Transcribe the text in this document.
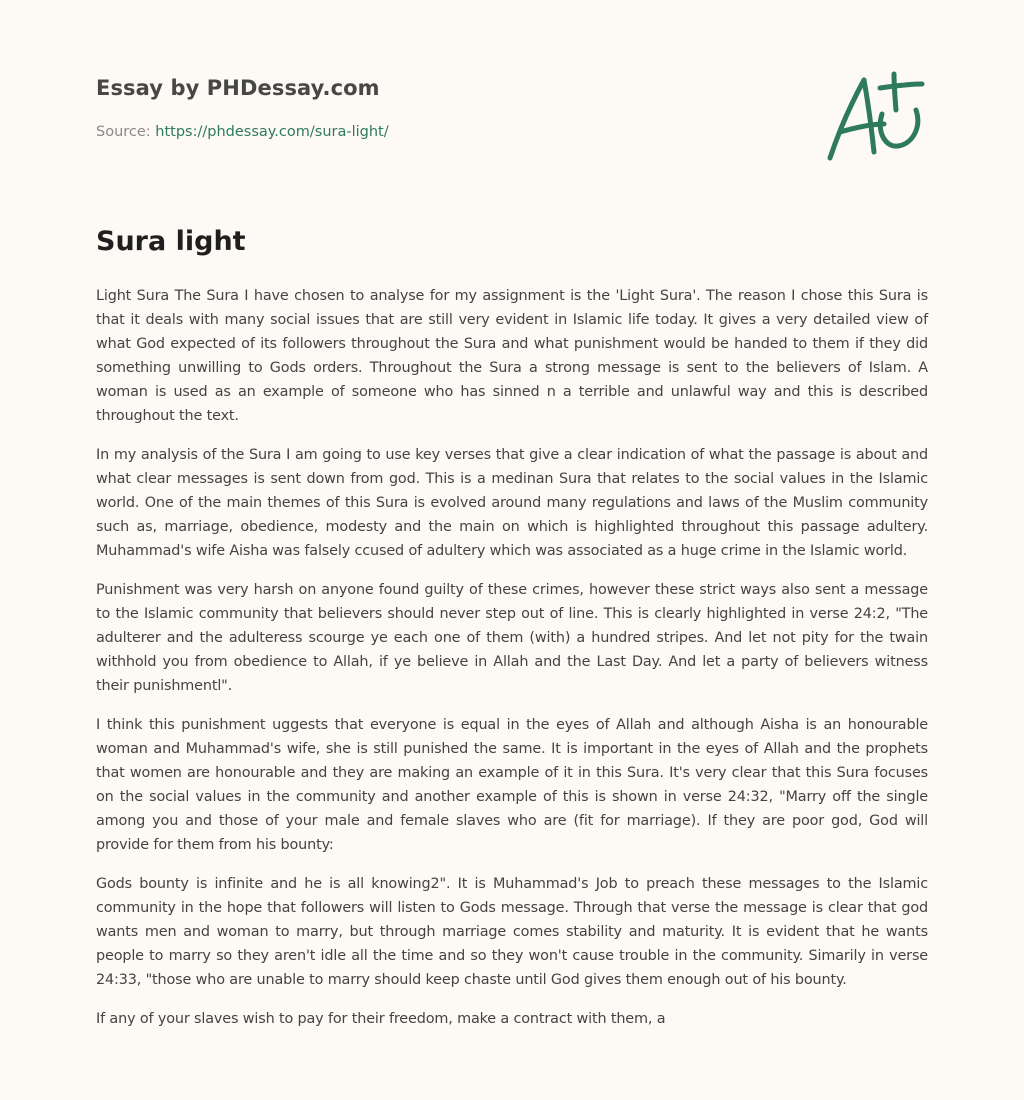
Essay by PHDessay.com
Source: https://phdessay.com/sura-light/
Sura light

Light Sura The Sura I have chosen to analyse for my assignment is the 'Light Sura'. The reason I chose this Sura is that it deals with many social issues that are still very evident in Islamic life today. It gives a very detailed view of what God expected of its followers throughout the Sura and what punishment would be handed to them if they did something unwilling to Gods orders. Throughout the Sura a strong message is sent to the believers of Islam. A woman is used as an example of someone who has sinned n a terrible and unlawful way and this is described throughout the text.

In my analysis of the Sura I am going to use key verses that give a clear indication of what the passage is about and what clear messages is sent down from god. This is a medinan Sura that relates to the social values in the Islamic world. One of the main themes of this Sura is evolved around many regulations and laws of the Muslim community such as, marriage, obedience, modesty and the main on which is highlighted throughout this passage adultery. Muhammad's wife Aisha was falsely ccused of adultery which was associated as a huge crime in the Islamic world.

Punishment was very harsh on anyone found guilty of these crimes, however these strict ways also sent a message to the Islamic community that believers should never step out of line. This is clearly highlighted in verse 24:2, "The adulterer and the adulteress scourge ye each one of them (with) a hundred stripes. And let not pity for the twain withhold you from obedience to Allah, if ye believe in Allah and the Last Day. And let a party of believers witness their punishmentl".

I think this punishment uggests that everyone is equal in the eyes of Allah and although Aisha is an honourable woman and Muhammad's wife, she is still punished the same. It is important in the eyes of Allah and the prophets that women are honourable and they are making an example of it in this Sura. It's very clear that this Sura focuses on the social values in the community and another example of this is shown in verse 24:32, "Marry off the single among you and those of your male and female slaves who are (fit for marriage). If they are poor god, God will provide for them from his bounty:

Gods bounty is infinite and he is all knowing2". It is Muhammad's Job to preach these messages to the Islamic community in the hope that followers will listen to Gods message. Through that verse the message is clear that god wants men and woman to marry, but through marriage comes stability and maturity. It is evident that he wants people to marry so they aren't idle all the time and so they won't cause trouble in the community. Simarily in verse 24:33, "those who are unable to marry should keep chaste until God gives them enough out of his bounty.

If any of your slaves wish to pay for their freedom, make a contract with them, a
